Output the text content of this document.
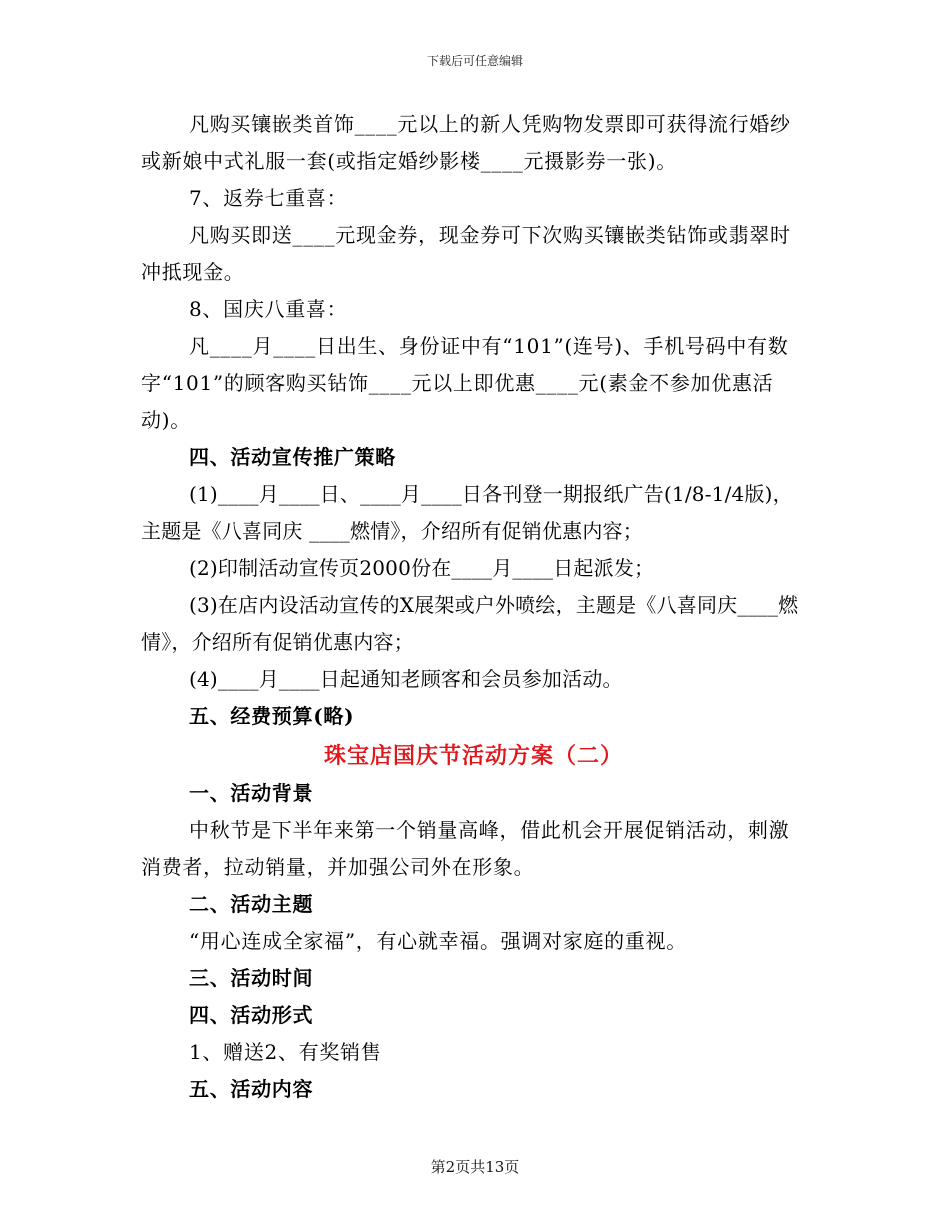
下载后可任意编辑

凡购买镶嵌类首饰____元以上的新人凭购物发票即可获得流行婚纱或新娘中式礼服一套(或指定婚纱影楼____元摄影券一张)。

7、返券七重喜：

凡购买即送____元现金券，现金券可下次购买镶嵌类钻饰或翡翠时冲抵现金。

8、国庆八重喜：

凡____月____日出生、身份证中有“101”(连号)、手机号码中有数字“101”的顾客购买钻饰____元以上即优惠____元(素金不参加优惠活动)。

四、活动宣传推广策略

(1)____月____日、____月____日各刊登一期报纸广告(1/8-1/4版)，主题是《八喜同庆 ____燃情》，介绍所有促销优惠内容；

(2)印制活动宣传页2000份在____月____日起派发；

(3)在店内设活动宣传的X展架或户外喷绘，主题是《八喜同庆____燃情》，介绍所有促销优惠内容；

(4)____月____日起通知老顾客和会员参加活动。

五、经费预算(略)

珠宝店国庆节活动方案（二）

一、活动背景

中秋节是下半年来第一个销量高峰，借此机会开展促销活动，刺激消费者，拉动销量，并加强公司外在形象。

二、活动主题

“用心连成全家福”，有心就幸福。强调对家庭的重视。

三、活动时间

四、活动形式

1、赠送2、有奖销售

五、活动内容

第2页共13页
